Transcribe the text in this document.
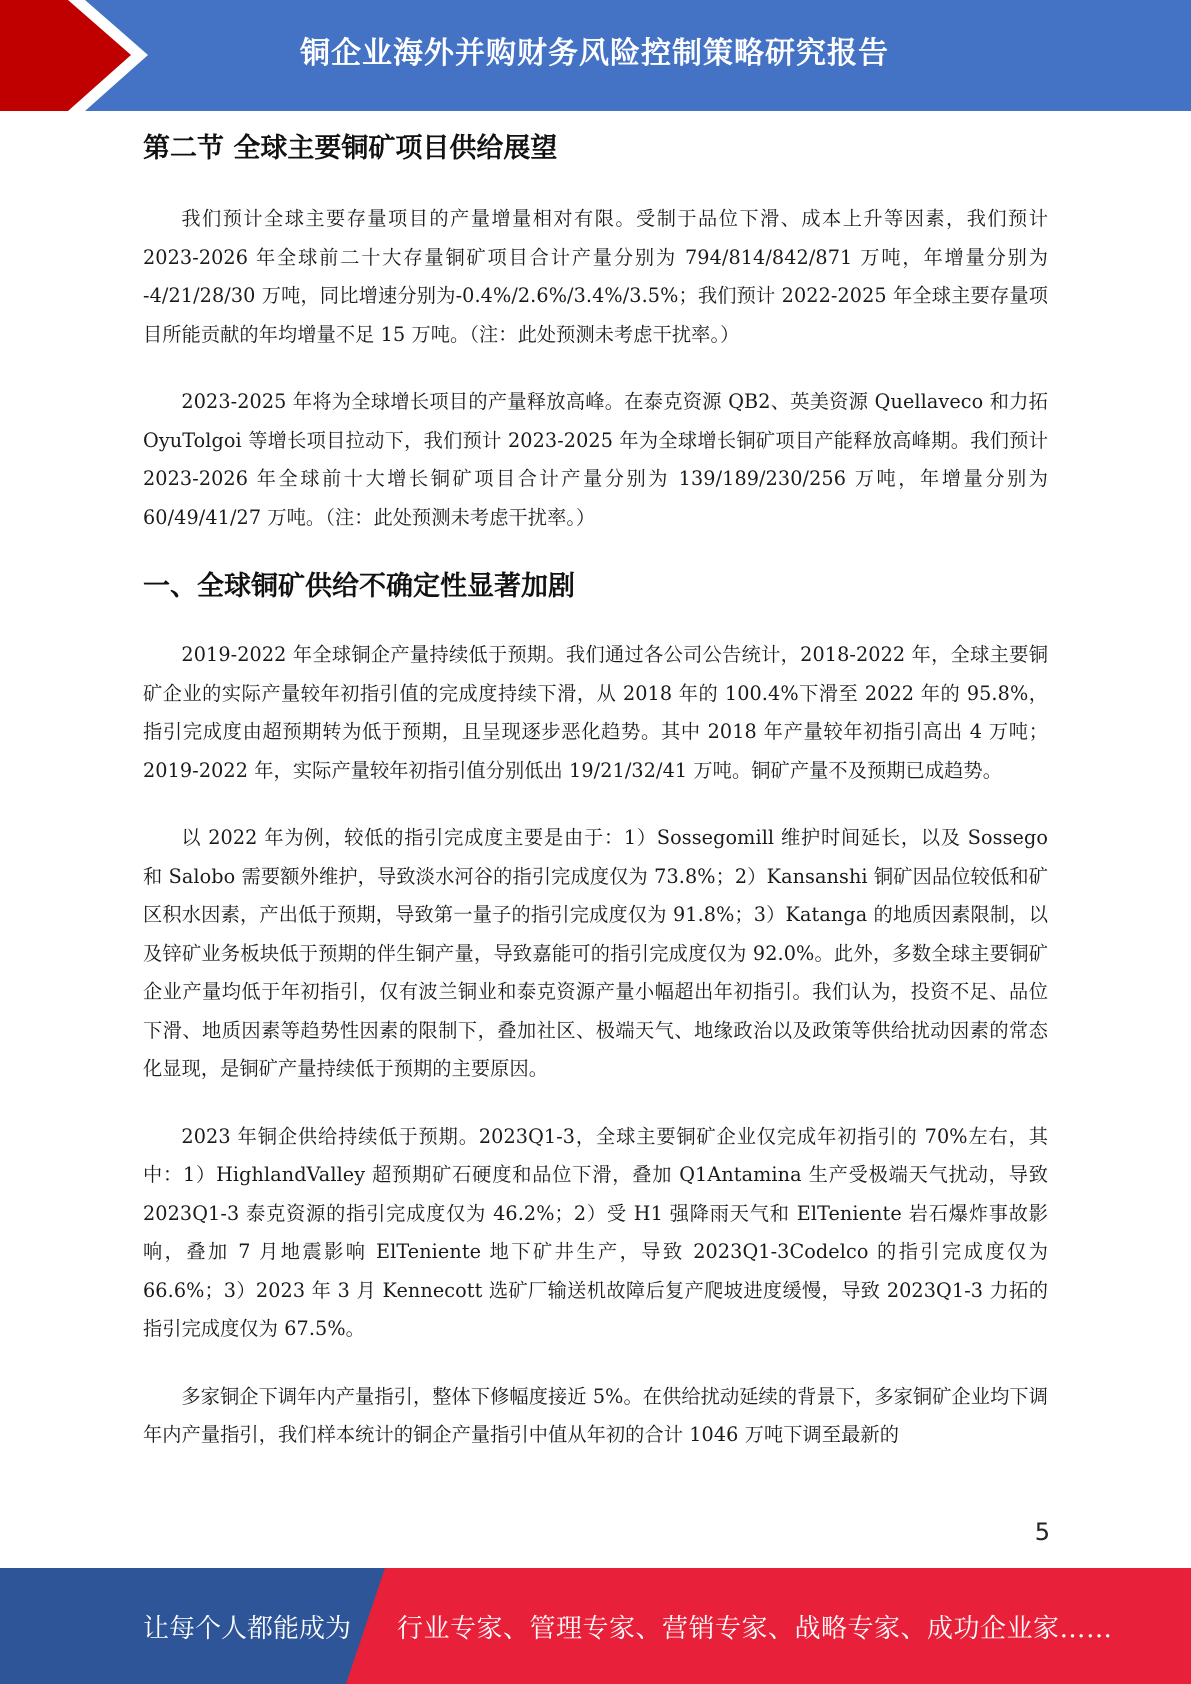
铜企业海外并购财务风险控制策略研究报告
第二节 全球主要铜矿项目供给展望

我们预计全球主要存量项目的产量增量相对有限。受制于品位下滑、成本上升等因素，我们预计 2023-2026 年全球前二十大存量铜矿项目合计产量分别为 794/814/842/871 万吨，年增量分别为 -4/21/28/30 万吨，同比增速分别为-0.4%/2.6%/3.4%/3.5%；我们预计 2022-2025 年全球主要存量项目所能贡献的年均增量不足 15 万吨。（注：此处预测未考虑干扰率。）

2023-2025 年将为全球增长项目的产量释放高峰。在泰克资源 QB2、英美资源 Quellaveco 和力拓 OyuTolgoi 等增长项目拉动下，我们预计 2023-2025 年为全球增长铜矿项目产能释放高峰期。我们预计 2023-2026 年全球前十大增长铜矿项目合计产量分别为 139/189/230/256 万吨，年增量分别为 60/49/41/27 万吨。（注：此处预测未考虑干扰率。）

一、全球铜矿供给不确定性显著加剧

2019-2022 年全球铜企产量持续低于预期。我们通过各公司公告统计，2018-2022 年，全球主要铜矿企业的实际产量较年初指引值的完成度持续下滑，从 2018 年的 100.4%下滑至 2022 年的 95.8%，指引完成度由超预期转为低于预期，且呈现逐步恶化趋势。其中 2018 年产量较年初指引高出 4 万吨；2019-2022 年，实际产量较年初指引值分别低出 19/21/32/41 万吨。铜矿产量不及预期已成趋势。

以 2022 年为例，较低的指引完成度主要是由于：1）Sossegomill 维护时间延长，以及 Sossego 和 Salobo 需要额外维护，导致淡水河谷的指引完成度仅为 73.8%；2）Kansanshi 铜矿因品位较低和矿区积水因素，产出低于预期，导致第一量子的指引完成度仅为 91.8%；3）Katanga 的地质因素限制，以及锌矿业务板块低于预期的伴生铜产量，导致嘉能可的指引完成度仅为 92.0%。此外，多数全球主要铜矿企业产量均低于年初指引，仅有波兰铜业和泰克资源产量小幅超出年初指引。我们认为，投资不足、品位下滑、地质因素等趋势性因素的限制下，叠加社区、极端天气、地缘政治以及政策等供给扰动因素的常态化显现，是铜矿产量持续低于预期的主要原因。

2023 年铜企供给持续低于预期。2023Q1-3，全球主要铜矿企业仅完成年初指引的 70%左右，其中：1）HighlandValley 超预期矿石硬度和品位下滑，叠加 Q1Antamina 生产受极端天气扰动，导致 2023Q1-3 泰克资源的指引完成度仅为 46.2%；2）受 H1 强降雨天气和 ElTeniente 岩石爆炸事故影响，叠加 7 月地震影响 ElTeniente 地下矿井生产，导致 2023Q1-3Codelco 的指引完成度仅为 66.6%；3）2023 年 3 月 Kennecott 选矿厂输送机故障后复产爬坡进度缓慢，导致 2023Q1-3 力拓的指引完成度仅为 67.5%。

多家铜企下调年内产量指引，整体下修幅度接近 5%。在供给扰动延续的背景下，多家铜矿企业均下调年内产量指引，我们样本统计的铜企产量指引中值从年初的合计 1046 万吨下调至最新的

5
让每个人都能成为 行业专家、管理专家、营销专家、战略专家、成功企业家……
